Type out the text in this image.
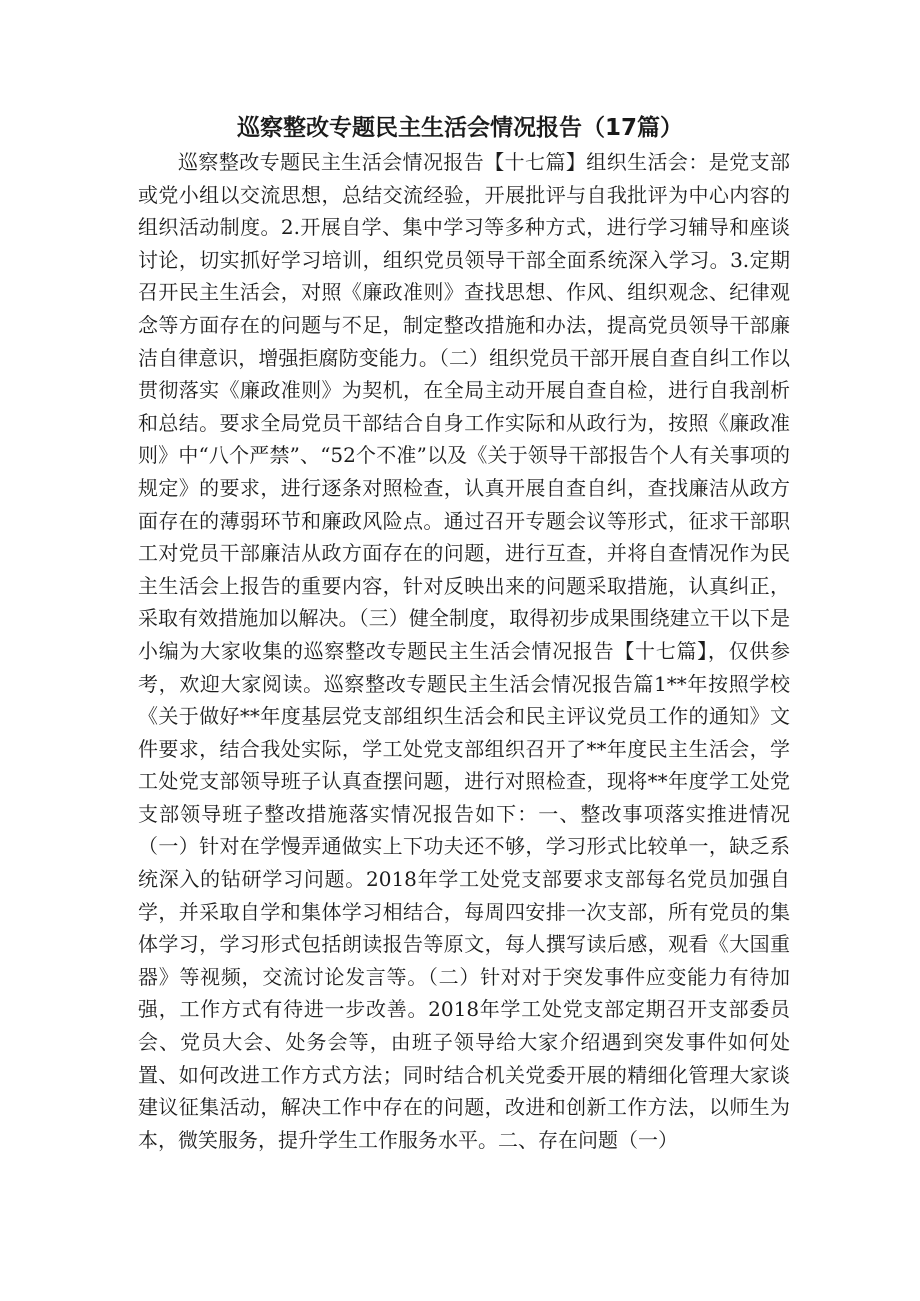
巡察整改专题民主生活会情况报告（17篇）

巡察整改专题民主生活会情况报告【十七篇】组织生活会：是党支部或党小组以交流思想，总结交流经验，开展批评与自我批评为中心内容的组织活动制度。2.开展自学、集中学习等多种方式，进行学习辅导和座谈讨论，切实抓好学习培训，组织党员领导干部全面系统深入学习。3.定期召开民主生活会，对照《廉政准则》查找思想、作风、组织观念、纪律观念等方面存在的问题与不足，制定整改措施和办法，提高党员领导干部廉洁自律意识，增强拒腐防变能力。（二）组织党员干部开展自查自纠工作以贯彻落实《廉政准则》为契机，在全局主动开展自查自检，进行自我剖析和总结。要求全局党员干部结合自身工作实际和从政行为，按照《廉政准则》中“八个严禁”、“52个不准”以及《关于领导干部报告个人有关事项的规定》的要求，进行逐条对照检查，认真开展自查自纠，查找廉洁从政方面存在的薄弱环节和廉政风险点。通过召开专题会议等形式，征求干部职工对党员干部廉洁从政方面存在的问题，进行互查，并将自查情况作为民主生活会上报告的重要内容，针对反映出来的问题采取措施，认真纠正，采取有效措施加以解决。（三）健全制度，取得初步成果围绕建立干以下是小编为大家收集的巡察整改专题民主生活会情况报告【十七篇】，仅供参考，欢迎大家阅读。巡察整改专题民主生活会情况报告篇1**年按照学校《关于做好**年度基层党支部组织生活会和民主评议党员工作的通知》文件要求，结合我处实际，学工处党支部组织召开了**年度民主生活会，学工处党支部领导班子认真查摆问题，进行对照检查，现将**年度学工处党支部领导班子整改措施落实情况报告如下：一、整改事项落实推进情况（一）针对在学慢弄通做实上下功夫还不够，学习形式比较单一，缺乏系统深入的钻研学习问题。2018年学工处党支部要求支部每名党员加强自学，并采取自学和集体学习相结合，每周四安排一次支部，所有党员的集体学习，学习形式包括朗读报告等原文，每人撰写读后感，观看《大国重器》等视频，交流讨论发言等。（二）针对对于突发事件应变能力有待加强，工作方式有待进一步改善。2018年学工处党支部定期召开支部委员会、党员大会、处务会等，由班子领导给大家介绍遇到突发事件如何处置、如何改进工作方式方法；同时结合机关党委开展的精细化管理大家谈建议征集活动，解决工作中存在的问题，改进和创新工作方法，以师生为本，微笑服务，提升学生工作服务水平。二、存在问题（一）
